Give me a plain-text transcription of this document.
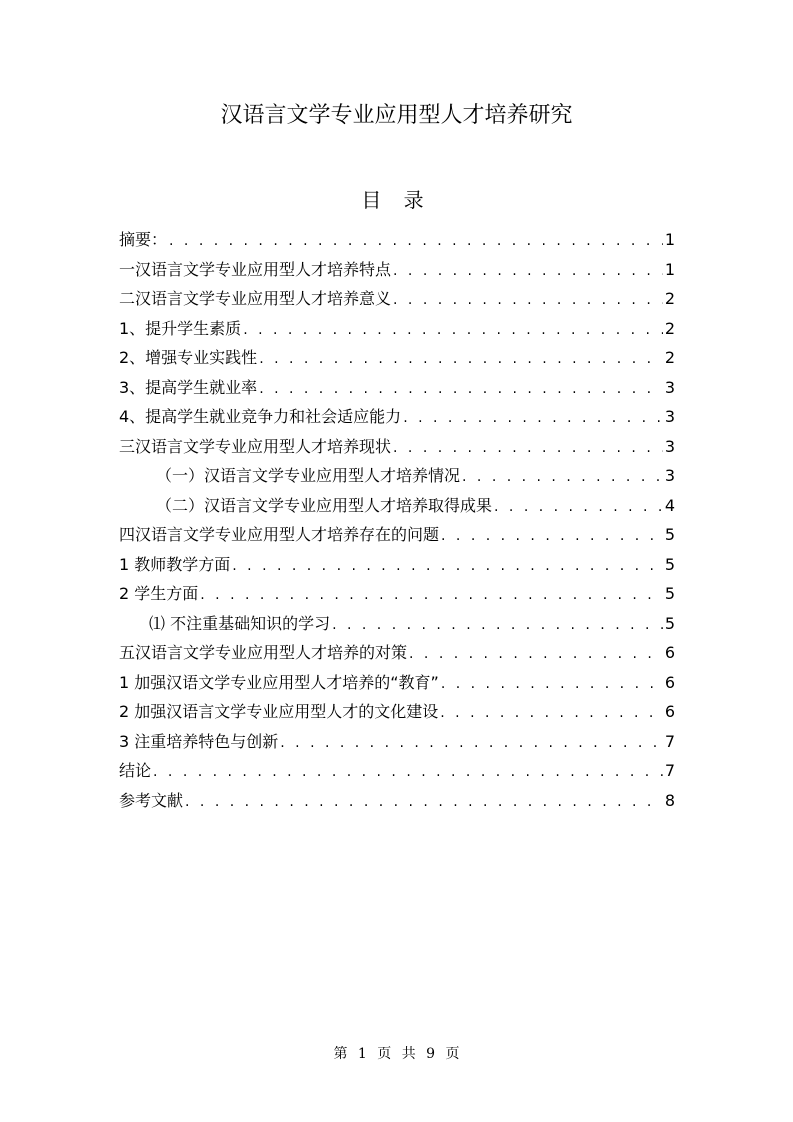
汉语言文学专业应用型人才培养研究
目 录
摘要： . . .	1
一汉语言文学专业应用型人才培养特点 . . .	1
二汉语言文学专业应用型人才培养意义 . . .	2
1、提升学生素质 . . .	2
2、增强专业实践性 . . .	2
3、提高学生就业率 . . .	3
4、提高学生就业竞争力和社会适应能力 . . .	3
三汉语言文学专业应用型人才培养现状 . . .	3
（一）汉语言文学专业应用型人才培养情况 . . .	3
（二）汉语言文学专业应用型人才培养取得成果 . . .	4
四汉语言文学专业应用型人才培养存在的问题 . . .	5
1 教师教学方面 . . .	5
2 学生方面 . . .	5
⑴ 不注重基础知识的学习 . . .	5
五汉语言文学专业应用型人才培养的对策 . . .	6
1 加强汉语文学专业应用型人才培养的“教育” . . .	6
2 加强汉语言文学专业应用型人才的文化建设 . . .	6
3 注重培养特色与创新 . . .	7
结论 . . .	7
参考文献 . . .	8
第 1 页 共 9 页
